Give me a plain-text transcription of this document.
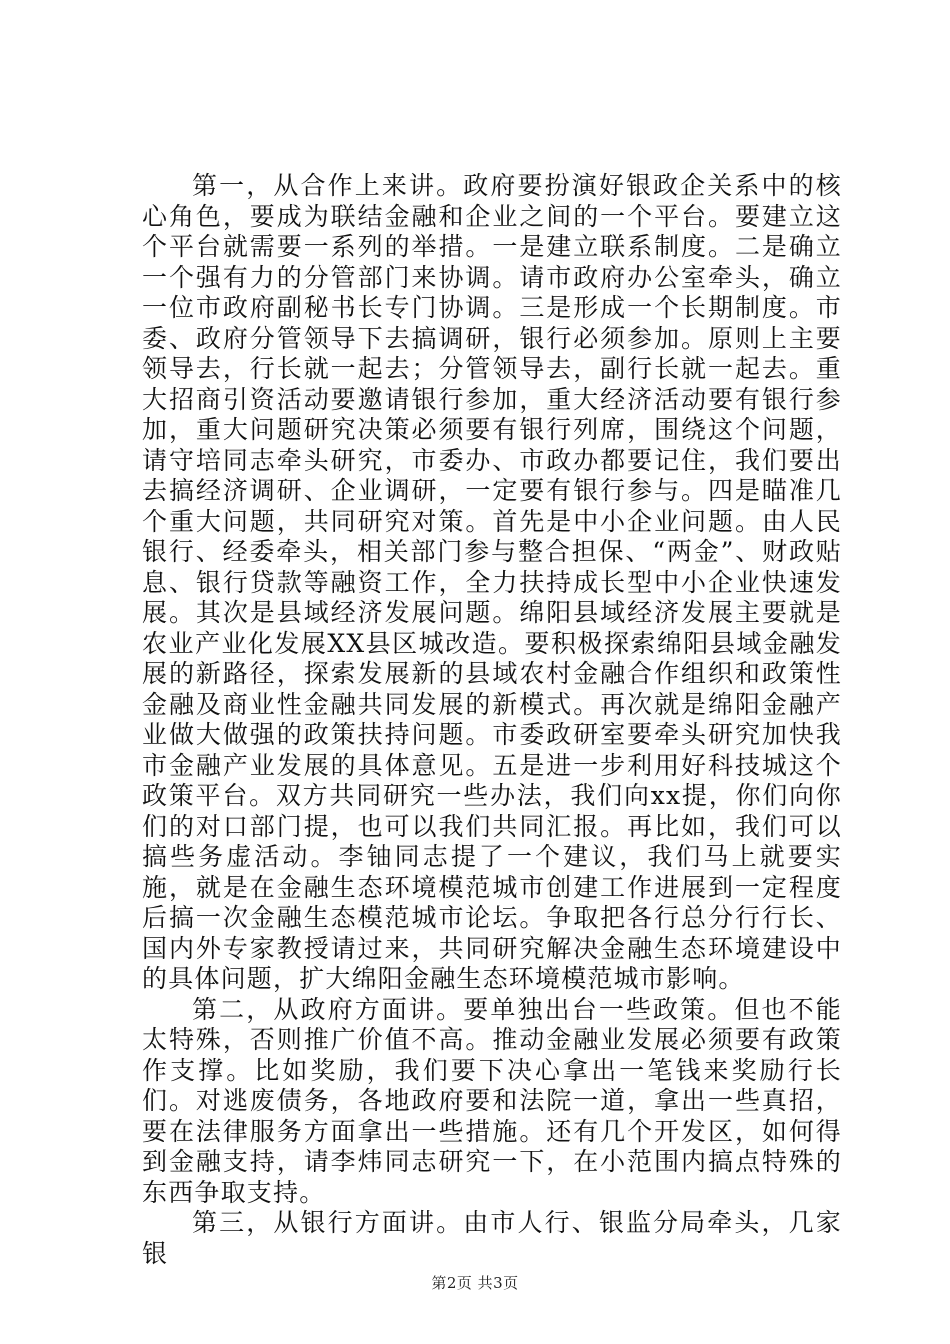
第一，从合作上来讲。政府要扮演好银政企关系中的核心角色，要成为联结金融和企业之间的一个平台。要建立这个平台就需要一系列的举措。一是建立联系制度。二是确立一个强有力的分管部门来协调。请市政府办公室牵头，确立一位市政府副秘书长专门协调。三是形成一个长期制度。市委、政府分管领导下去搞调研，银行必须参加。原则上主要领导去，行长就一起去；分管领导去，副行长就一起去。重大招商引资活动要邀请银行参加，重大经济活动要有银行参加，重大问题研究决策必须要有银行列席，围绕这个问题，请守培同志牵头研究，市委办、市政办都要记住，我们要出去搞经济调研、企业调研，一定要有银行参与。四是瞄准几个重大问题，共同研究对策。首先是中小企业问题。由人民银行、经委牵头，相关部门参与整合担保、“两金”、财政贴息、银行贷款等融资工作，全力扶持成长型中小企业快速发展。其次是县域经济发展问题。绵阳县域经济发展主要就是农业产业化发展XX县区城改造。要积极探索绵阳县域金融发展的新路径，探索发展新的县域农村金融合作组织和政策性金融及商业性金融共同发展的新模式。再次就是绵阳金融产业做大做强的政策扶持问题。市委政研室要牵头研究加快我市金融产业发展的具体意见。五是进一步利用好科技城这个政策平台。双方共同研究一些办法，我们向xx提，你们向你们的对口部门提，也可以我们共同汇报。再比如，我们可以搞些务虚活动。李铀同志提了一个建议，我们马上就要实施，就是在金融生态环境模范城市创建工作进展到一定程度后搞一次金融生态模范城市论坛。争取把各行总分行行长、国内外专家教授请过来，共同研究解决金融生态环境建设中的具体问题，扩大绵阳金融生态环境模范城市影响。

第二，从政府方面讲。要单独出台一些政策。但也不能太特殊，否则推广价值不高。推动金融业发展必须要有政策作支撑。比如奖励，我们要下决心拿出一笔钱来奖励行长们。对逃废债务，各地政府要和法院一道，拿出一些真招，要在法律服务方面拿出一些措施。还有几个开发区，如何得到金融支持，请李炜同志研究一下，在小范围内搞点特殊的东西争取支持。

第三，从银行方面讲。由市人行、银监分局牵头，几家银

第2页 共3页
